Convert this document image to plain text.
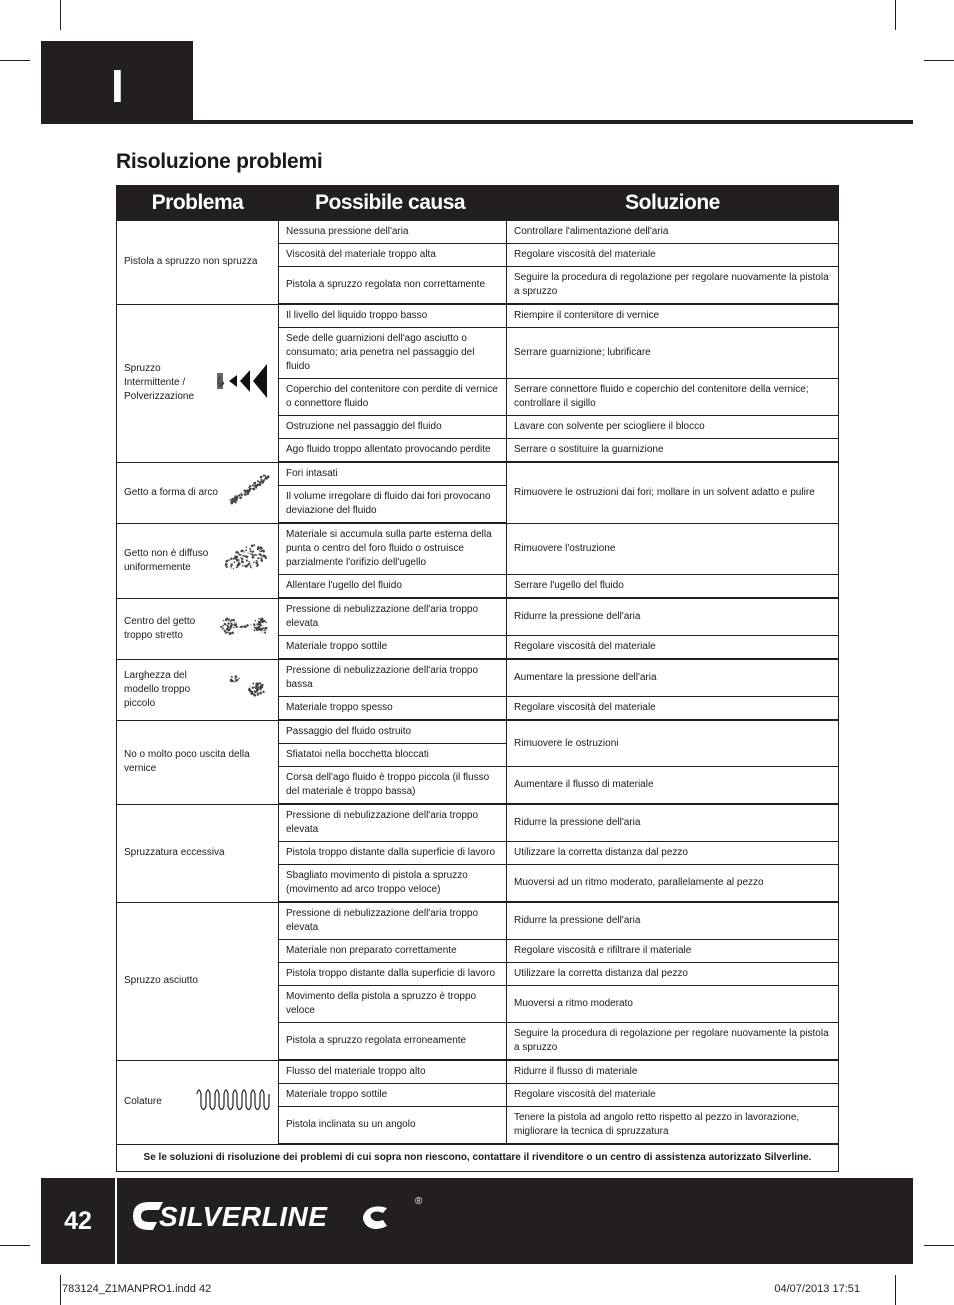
I
Risoluzione problemi
Problema	Possibile causa	Soluzione

Pistola a spruzzo non spruzza	Nessuna pressione dell'aria	Controllare l'alimentazione dell'aria
	Viscosità del materiale troppo alta	Regolare viscosità del materiale
	Pistola a spruzzo regolata non correttamente	Seguire la procedura di regolazione per regolare nuovamente la pistola a spruzzo

Spruzzo Intermittente / Polverizzazione	Il livello del liquido troppo basso	Riempire il contenitore di vernice
	Sede delle guarnizioni dell'ago asciutto o consumato; aria penetra nel passaggio del fluido	Serrare guarnizione; lubrificare
	Coperchio del contenitore con perdite di vernice o connettore fluido	Serrare connettore fluido e coperchio del contenitore della vernice; controllare il sigillo
	Ostruzione nel passaggio del fluido	Lavare con solvente per sciogliere il blocco
	Ago fluido troppo allentato provocando perdite	Serrare o sostituire la guarnizione

Getto a forma di arco	Fori intasati	Rimuovere le ostruzioni dai fori; mollare in un solvent adatto e pulire
	Il volume irregolare di fluido dai fori provocano deviazione del fluido	

Getto non è diffuso uniformemente	Materiale si accumula sulla parte esterna della punta o centro del foro fluido o ostruisce parzialmente l'orifizio dell'ugello	Rimuovere l'ostruzione
	Allentare l'ugello del fluido	Serrare l'ugello del fluido

Centro del getto troppo stretto	Pressione di nebulizzazione dell'aria troppo elevata	Ridurre la pressione dell'aria
	Materiale troppo sottile	Regolare viscosità del materiale

Larghezza del modello troppo piccolo	Pressione di nebulizzazione dell'aria troppo bassa	Aumentare la pressione dell'aria
	Materiale troppo spesso	Regolare viscosità del materiale

No o molto poco uscita della vernice	Passaggio del fluido ostruito	Rimuovere le ostruzioni
	Sfiatatoi nella bocchetta bloccati	
	Corsa dell'ago fluido è troppo piccola (il flusso del materiale è troppo bassa)	Aumentare il flusso di materiale

Spruzzatura eccessiva	Pressione di nebulizzazione dell'aria troppo elevata	Ridurre la pressione dell'aria
	Pistola troppo distante dalla superficie di lavoro	Utilizzare la corretta distanza dal pezzo
	Sbagliato movimento di pistola a spruzzo (movimento ad arco troppo veloce)	Muoversi ad un ritmo moderato, parallelamente al pezzo

Spruzzo asciutto	Pressione di nebulizzazione dell'aria troppo elevata	Ridurre la pressione dell'aria
	Materiale non preparato correttamente	Regolare viscosità e rifiltrare il materiale
	Pistola troppo distante dalla superficie di lavoro	Utilizzare la corretta distanza dal pezzo
	Movimento della pistola a spruzzo è troppo veloce	Muoversi a ritmo moderato
	Pistola a spruzzo regolata erroneamente	Seguire la procedura di regolazione per regolare nuovamente la pistola a spruzzo

Colature	Flusso del materiale troppo alto	Ridurre il flusso di materiale
	Materiale troppo sottile	Regolare viscosità del materiale
	Pistola inclinata su un angolo	Tenere la pistola ad angolo retto rispetto al pezzo in lavorazione, migliorare la tecnica di spruzzatura
Se le soluzioni di risoluzione dei problemi di cui sopra non riescono, contattare il rivenditore o un centro di assistenza autorizzato Silverline.		
42	SILVERLINE	®
783124_Z1MANPRO1.indd 42	04/07/2013 17:51
